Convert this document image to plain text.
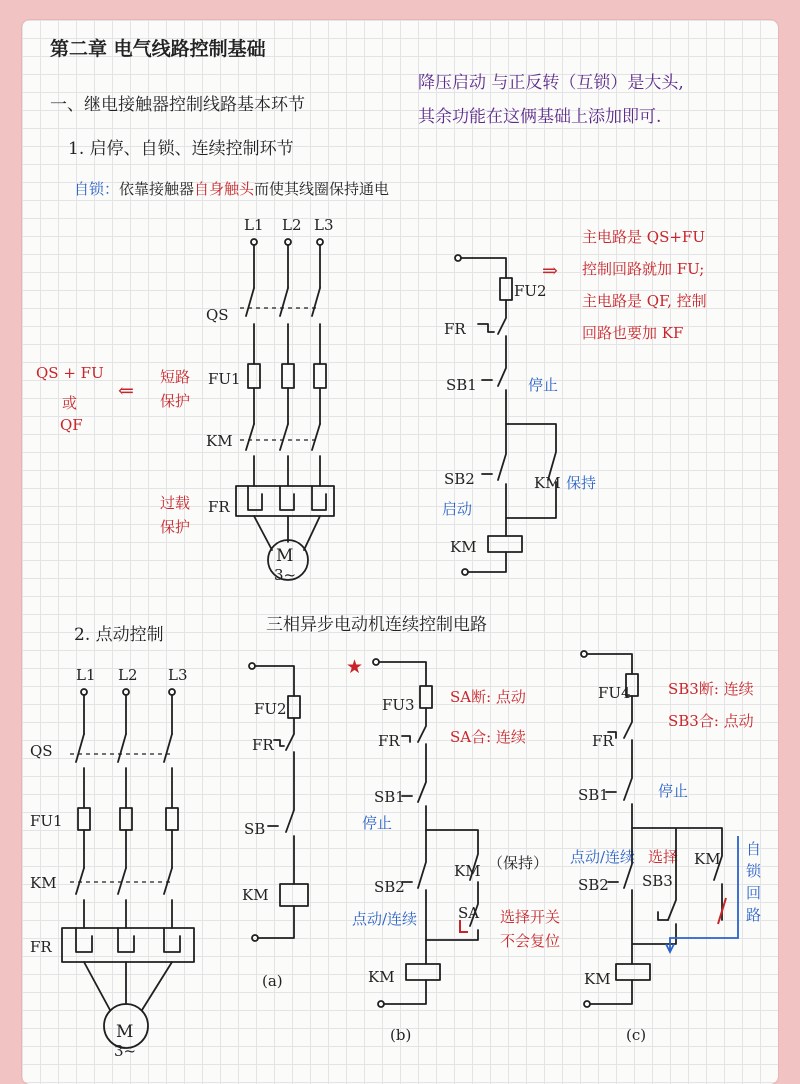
第二章 电气线路控制基础
一、继电接触器控制线路基本环节
1. 启停、自锁、连续控制环节
自锁：依靠接触器自身触头而使其线圈保持通电
降压启动 与正反转（互锁）是大头,
其余功能在这俩基础上添加即可.
主电路是 QS+FU
控制回路就加 FU;
主电路是 QF, 控制
回路也要加 KF
⇒
QS + FU
或
QF
⇐
短路
保护
过载
保护
L1 L2 L3
QS
FU1
KM
FR
M
3~
FU2
FR
SB1	停止
SB2
启动
KM 保持
KM
三相异步电动机连续控制电路
2. 点动控制
L1 L2 L3
QS
FU1
KM
FR
M
3~
FU2
FR
SB
KM
(a)
★
FU3 SA断: 点动
FR	SA合: 连续
SB1
停止
KM （保持）
SB2
点动/连续	SA 选择开关
不会复位
KM
(b)
FU4 SB3断: 连续
SB3合: 点动
FR
SB1	停止
点动/连续 选择 KM
SB2 SB3
KM
(c)
自
锁
回
路
